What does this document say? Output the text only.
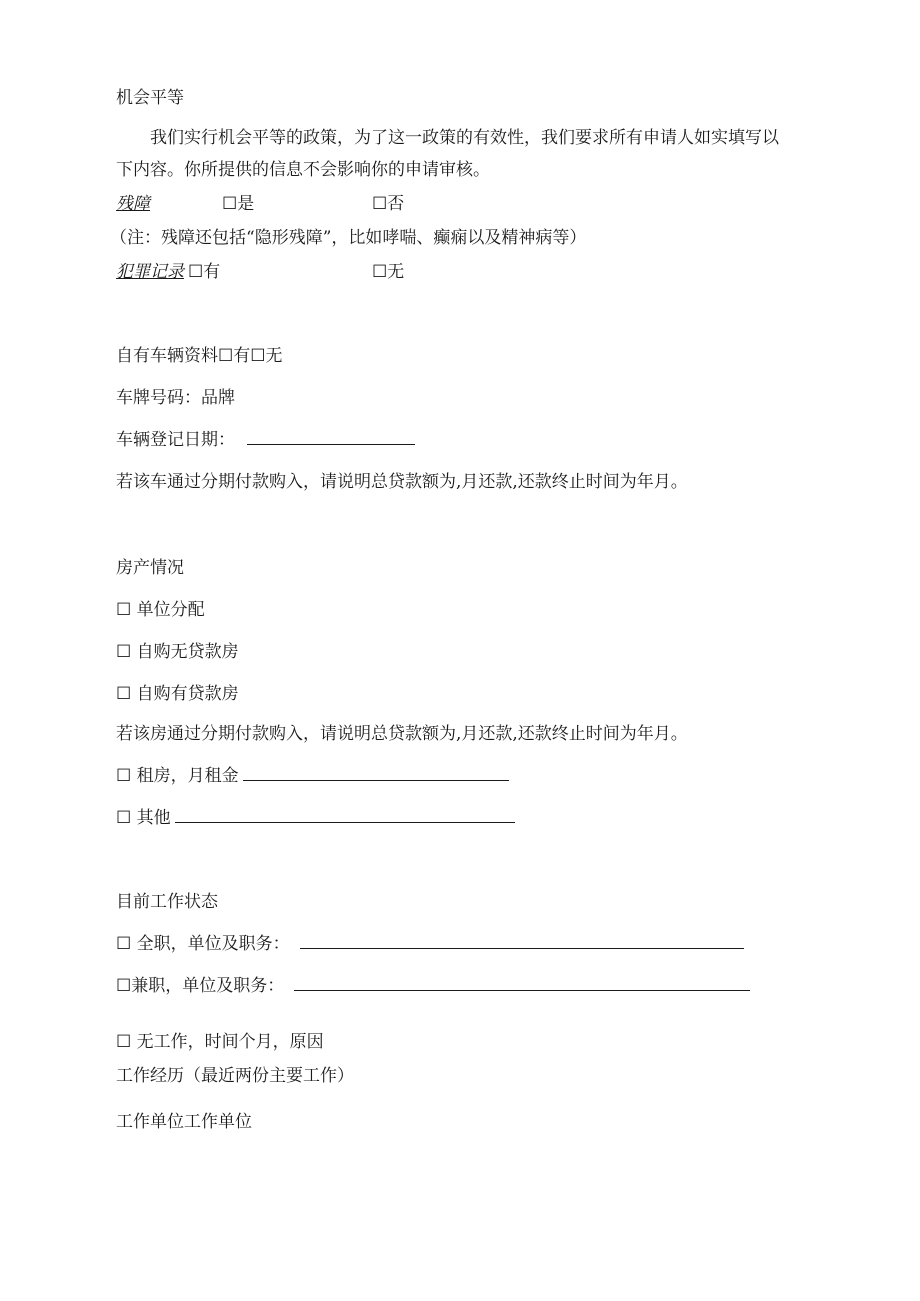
机会平等
我们实行机会平等的政策，为了这一政策的有效性，我们要求所有申请人如实填写以
下内容。你所提供的信息不会影响你的申请审核。
残障	☐是	☐否
（注：残障还包括“隐形残障”，比如哮喘、癫痫以及精神病等）
犯罪记录 ☐有	☐无
自有车辆资料☐有☐无
车牌号码：品牌
车辆登记日期：
若该车通过分期付款购入，请说明总贷款额为,月还款,还款终止时间为年月。
房产情况
☐ 单位分配
☐ 自购无贷款房
☐ 自购有贷款房
若该房通过分期付款购入，请说明总贷款额为,月还款,还款终止时间为年月。
☐ 租房，月租金
☐ 其他
目前工作状态
☐ 全职，单位及职务：
☐兼职，单位及职务：
☐ 无工作，时间个月，原因
工作经历（最近两份主要工作）
工作单位工作单位
